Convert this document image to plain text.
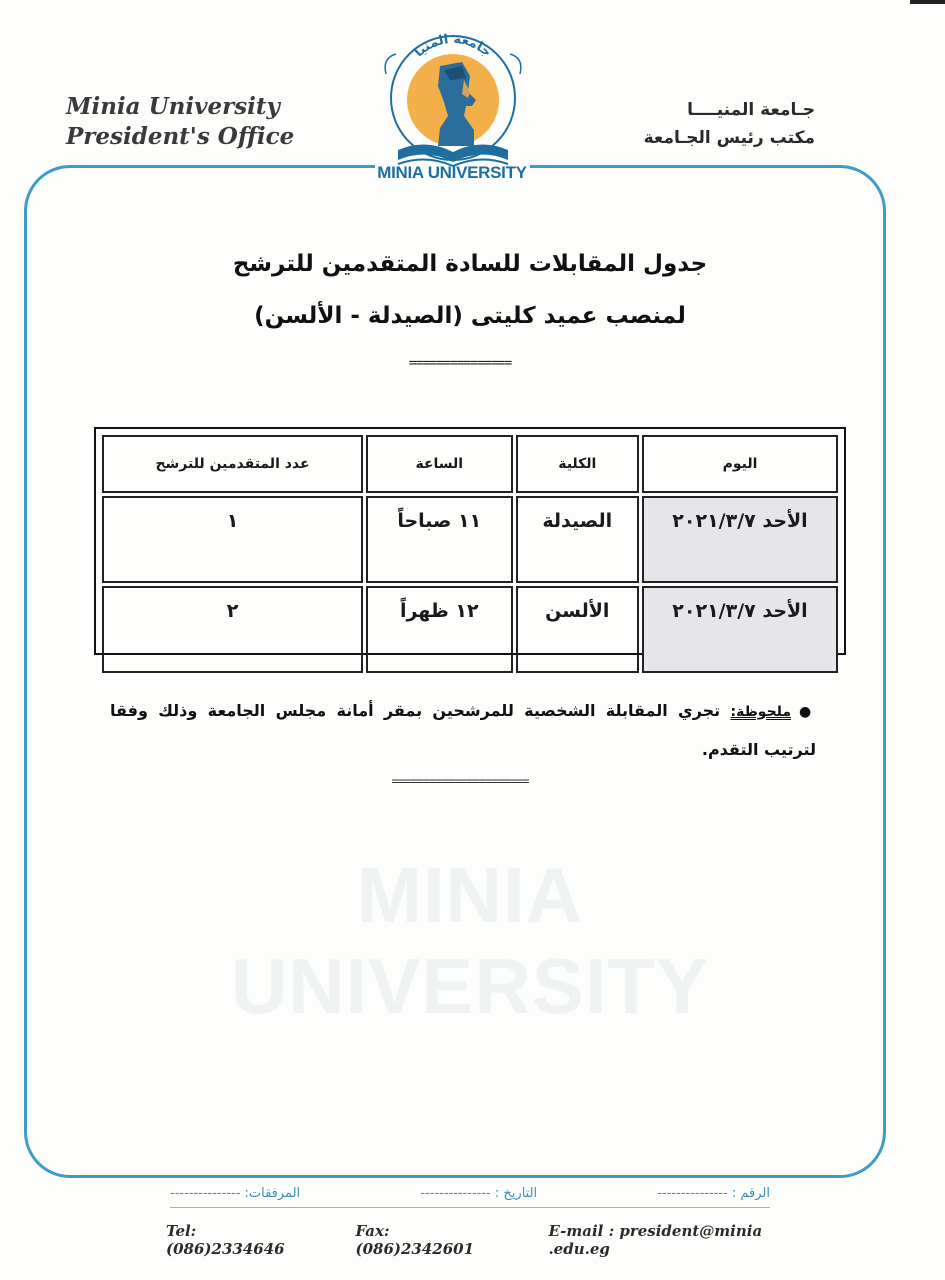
Minia University
President's Office
جـامعة المنيــــا
مكتب رئيس الجـامعة
جامعة المنيا
MINIA UNIVERSITY
MINIA UNIVERSITY
جدول المقابلات للسادة المتقدمين للترشح
لمنصب عميد كليتى (الصيدلة - الألسن)
===============
اليوم	الكلية	الساعة	عدد المتقدمين للترشح
الأحد ٢٠٢١/٣/٧	الصيدلة	١١ صباحاً	١
الأحد ٢٠٢١/٣/٧	الألسن	١٢ ظهراً	٢
●ملحوظة: تجري المقابلة الشخصية للمرشحين بمقر أمانة مجلس الجامعة وذلك وفقا لترتيب التقدم.
======================
الرقم : ---------------
التاريخ : ---------------
المرفقات: ---------------
Tel: (086)2334646
Fax: (086)2342601
E-mail : president@minia .edu.eg
